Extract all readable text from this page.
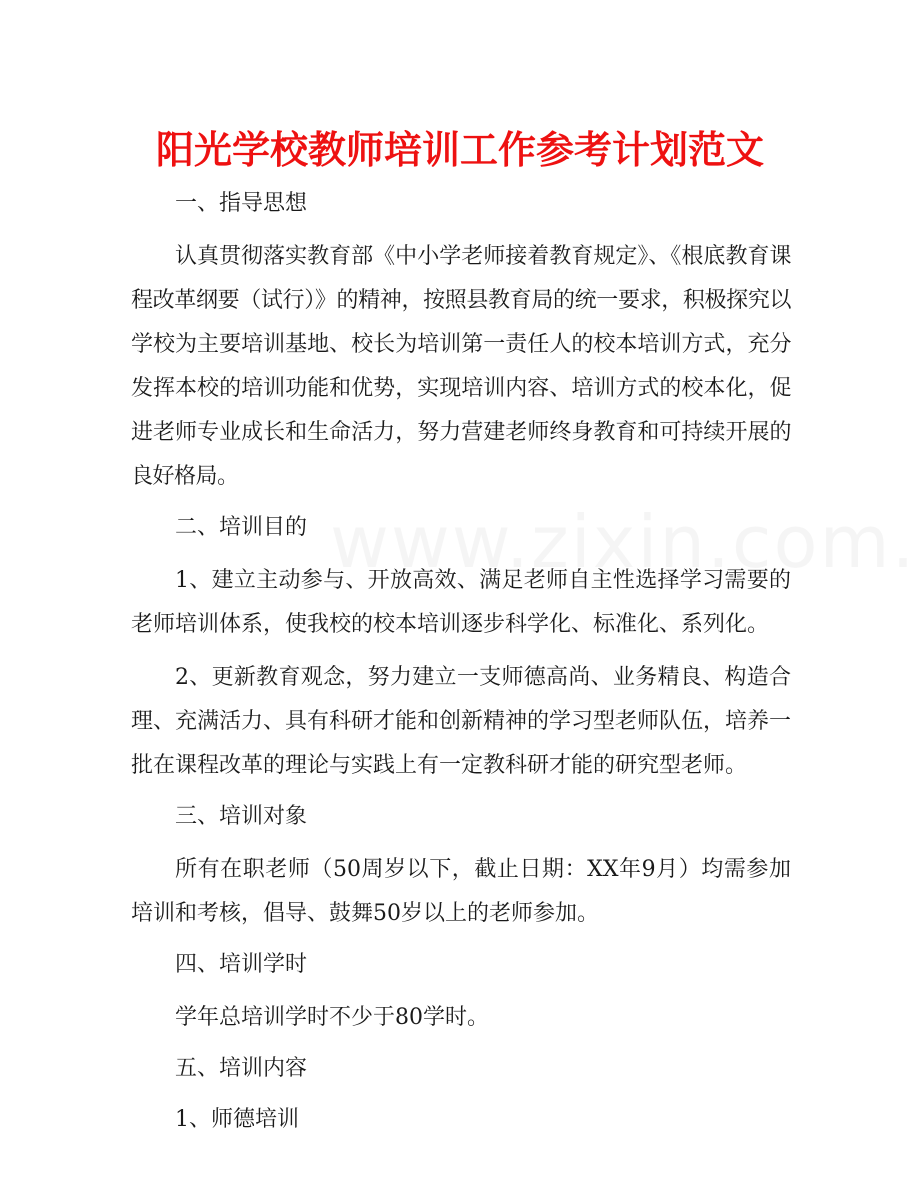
阳光学校教师培训工作参考计划范文
一、指导思想
认真贯彻落实教育部《中小学老师接着教育规定》、《根底教育课程改革纲要（试行）》的精神，按照县教育局的统一要求，积极探究以学校为主要培训基地、校长为培训第一责任人的校本培训方式，充分发挥本校的培训功能和优势，实现培训内容、培训方式的校本化，促进老师专业成长和生命活力，努力营建老师终身教育和可持续开展的良好格局。
二、培训目的
1、建立主动参与、开放高效、满足老师自主性选择学习需要的老师培训体系，使我校的校本培训逐步科学化、标准化、系列化。
2、更新教育观念，努力建立一支师德高尚、业务精良、构造合理、充满活力、具有科研才能和创新精神的学习型老师队伍，培养一批在课程改革的理论与实践上有一定教科研才能的研究型老师。
三、培训对象
所有在职老师（50周岁以下，截止日期：XX年9月）均需参加培训和考核，倡导、鼓舞50岁以上的老师参加。
四、培训学时
学年总培训学时不少于80学时。
五、培训内容
1、师德培训
